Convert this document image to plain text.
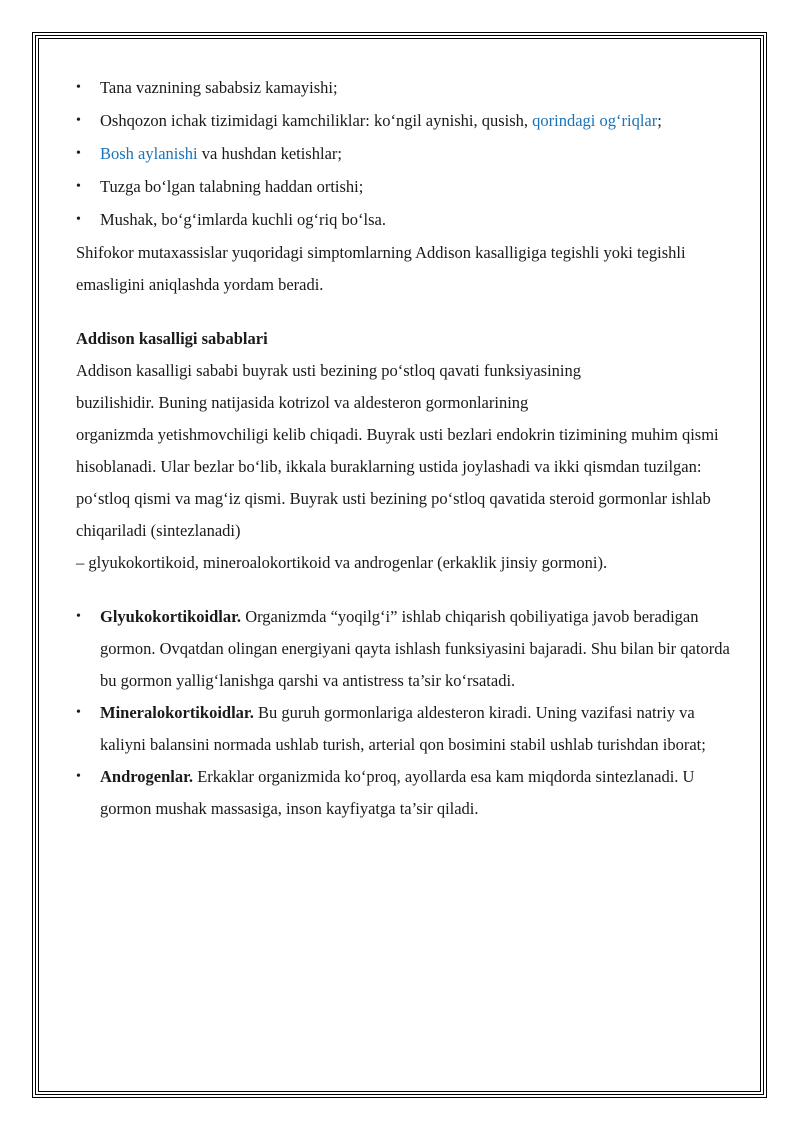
• Tana vaznining sababsiz kamayishi;
• Oshqozon ichak tizimidagi kamchiliklar: ko‘ngil aynishi, qusish, qorindagi og‘riqlar;
• Bosh aylanishi va hushdan ketishlar;
• Tuzga bo‘lgan talabning haddan ortishi;
• Mushak, bo‘g‘imlarda kuchli og‘riq bo‘lsa.

Shifokor mutaxassislar yuqoridagi simptomlarning Addison kasalligiga tegishli yoki tegishli emasligini aniqlashda yordam beradi.

Addison kasalligi sabablari

Addison kasalligi sababi buyrak usti bezining po‘stloq qavati funksiyasining
buzilishidir. Buning natijasida kotrizol va aldesteron gormonlarining
organizmda yetishmovchiligi kelib chiqadi. Buyrak usti bezlari endokrin tizimining muhim qismi hisoblanadi. Ular bezlar bo‘lib, ikkala buraklarning ustida joylashadi va ikki qismdan tuzilgan: po‘stloq qismi va mag‘iz qismi. Buyrak usti bezining po‘stloq qavatida steroid gormonlar ishlab chiqariladi (sintezlanadi)
– glyukokortikoid, mineroalokortikoid va androgenlar (erkaklik jinsiy gormoni).

• Glyukokortikoidlar. Organizmda “yoqilg‘i” ishlab chiqarish qobiliyatiga javob beradigan gormon. Ovqatdan olingan energiyani qayta ishlash funksiyasini bajaradi. Shu bilan bir qatorda bu gormon yallig‘lanishga qarshi va antistress ta’sir ko‘rsatadi.
• Mineralokortikoidlar. Bu guruh gormonlariga aldesteron kiradi. Uning vazifasi natriy va kaliyni balansini normada ushlab turish, arterial qon bosimini stabil ushlab turishdan iborat;
• Androgenlar. Erkaklar organizmida ko‘proq, ayollarda esa kam miqdorda sintezlanadi. U gormon mushak massasiga, inson kayfiyatga ta’sir qiladi.
